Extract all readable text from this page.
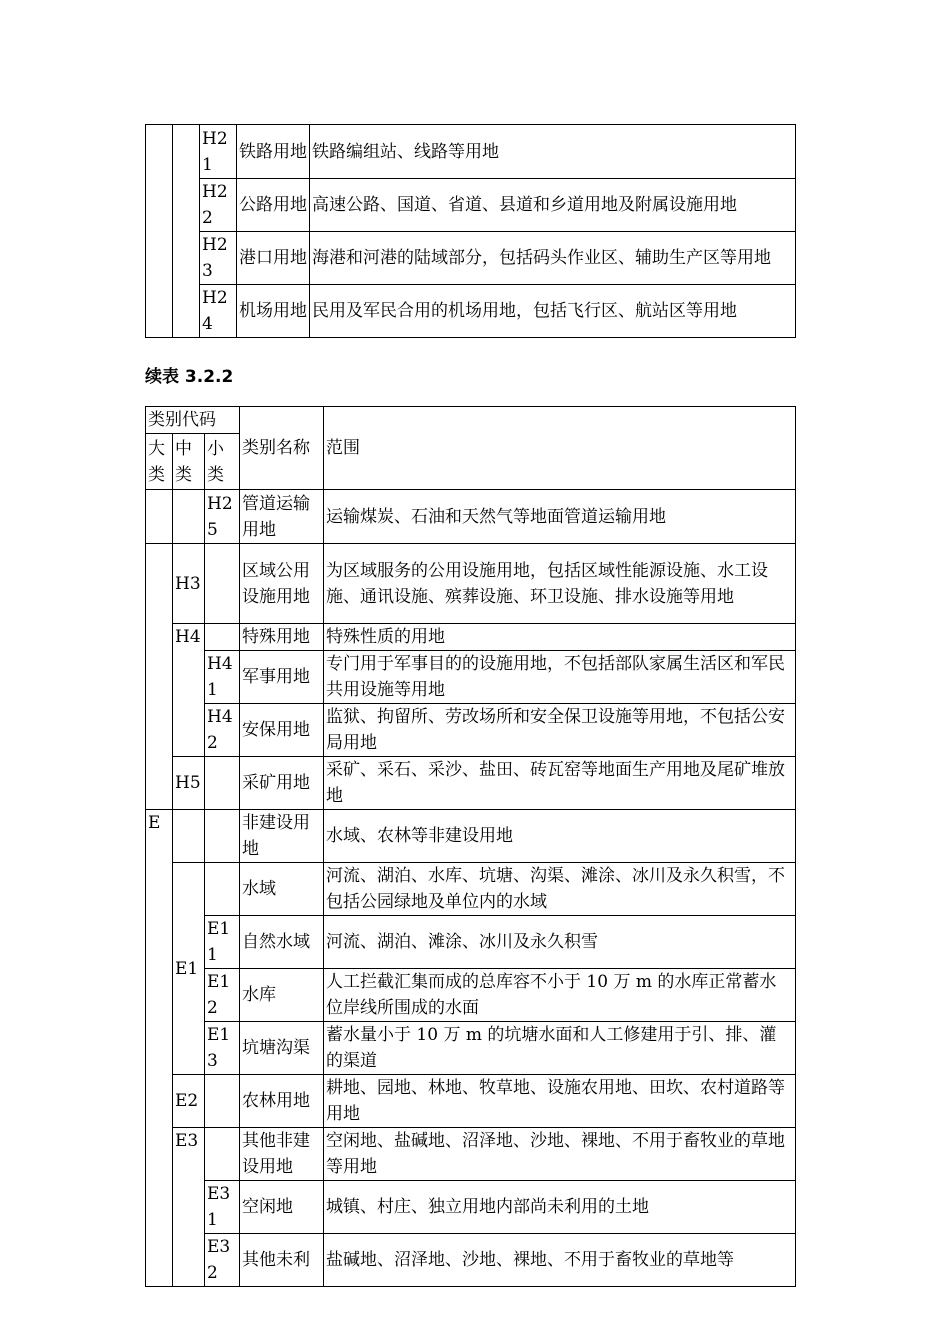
		H21	铁路用地	铁路编组站、线路等用地
		H22	公路用地	高速公路、国道、省道、县道和乡道用地及附属设施用地
		H23	港口用地	海港和河港的陆域部分，包括码头作业区、辅助生产区等用地
		H24	机场用地	民用及军民合用的机场用地，包括飞行区、航站区等用地
续表 3.2.2
类别代码			类别名称	范围
大类	中类	小类		
		H25	管道运输用地	运输煤炭、石油和天然气等地面管道运输用地
	H3		区域公用设施用地	为区域服务的公用设施用地，包括区域性能源设施、水工设施、通讯设施、殡葬设施、环卫设施、排水设施等用地
	H4		特殊用地	特殊性质的用地
		H41	军事用地	专门用于军事目的的设施用地，不包括部队家属生活区和军民共用设施等用地
		H42	安保用地	监狱、拘留所、劳改场所和安全保卫设施等用地，不包括公安局用地
	H5		采矿用地	采矿、采石、采沙、盐田、砖瓦窑等地面生产用地及尾矿堆放地
E			非建设用地	水域、农林等非建设用地
	E1		水域	河流、湖泊、水库、坑塘、沟渠、滩涂、冰川及永久积雪，不包括公园绿地及单位内的水域
		E11	自然水域	河流、湖泊、滩涂、冰川及永久积雪
		E12	水库	人工拦截汇集而成的总库容不小于 10 万 m 的水库正常蓄水位岸线所围成的水面
		E13	坑塘沟渠	蓄水量小于 10 万 m 的坑塘水面和人工修建用于引、排、灌的渠道
	E2		农林用地	耕地、园地、林地、牧草地、设施农用地、田坎、农村道路等用地
	E3		其他非建设用地	空闲地、盐碱地、沼泽地、沙地、裸地、不用于畜牧业的草地等用地
		E31	空闲地	城镇、村庄、独立用地内部尚未利用的土地
		E32	其他未利	盐碱地、沼泽地、沙地、裸地、不用于畜牧业的草地等
